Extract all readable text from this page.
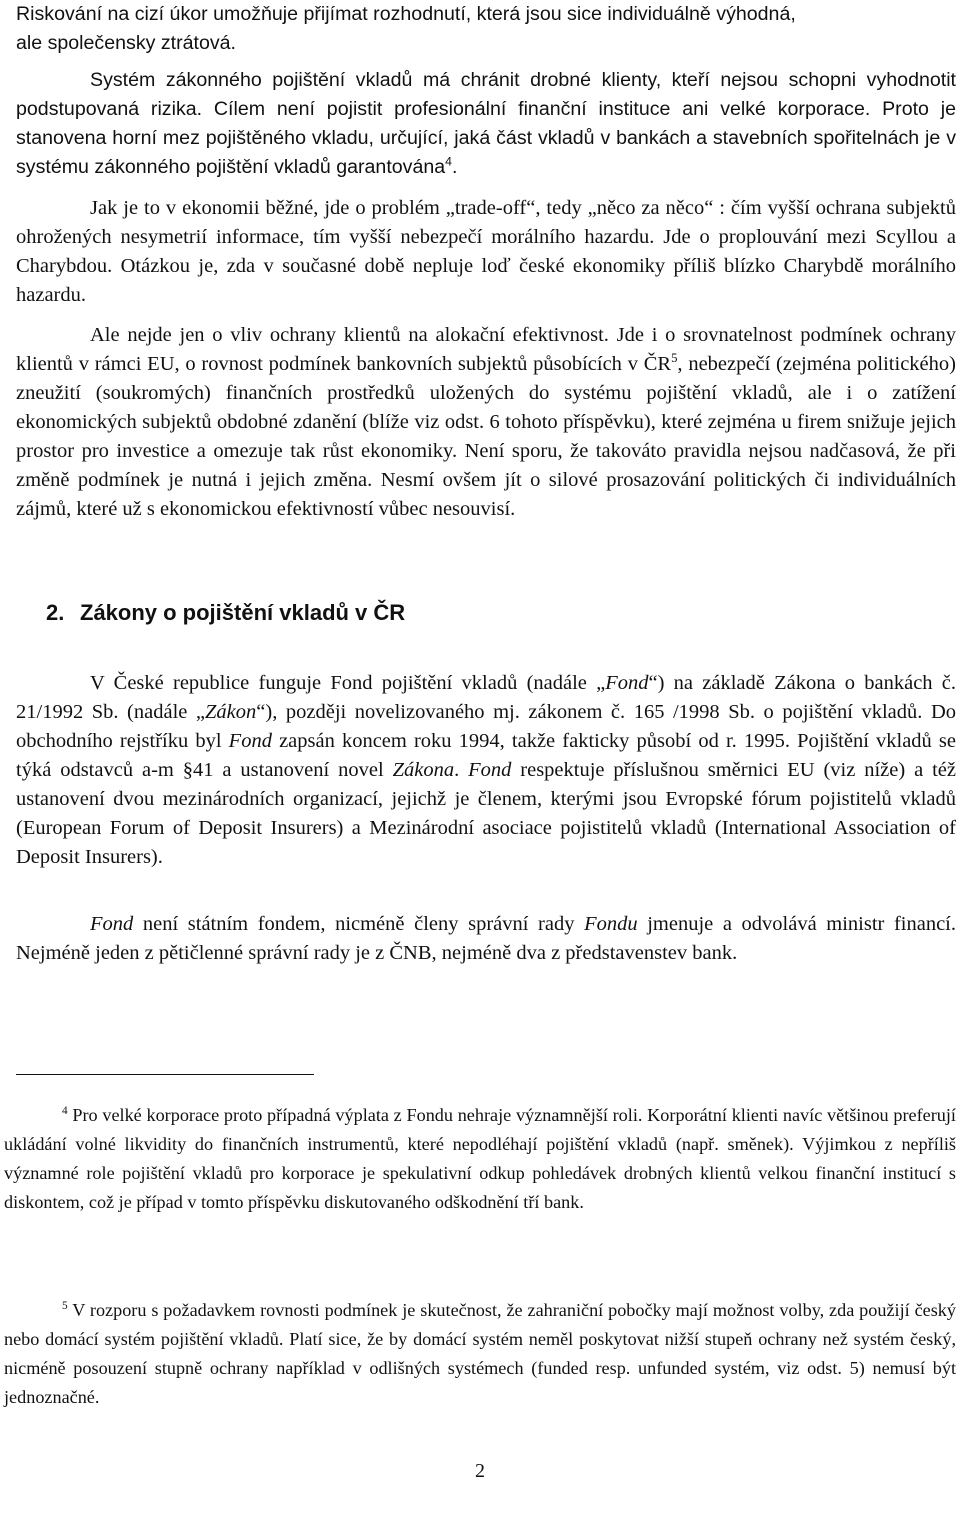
Riskování na cizí úkor umožňuje přijímat rozhodnutí, která jsou sice individuálně výhodná,

ale společensky ztrátová.

Systém zákonného pojištění vkladů má chránit drobné klienty, kteří nejsou schopni vyhodnotit podstupovaná rizika. Cílem není pojistit profesionální finanční instituce ani velké korporace. Proto je stanovena horní mez pojištěného vkladu, určující, jaká část vkladů v bankách a stavebních spořitelnách je v systému zákonného pojištění vkladů garantována$^4$.
Jak je to v ekonomii běžné, jde o problém „trade-off“, tedy „něco za něco“ : čím vyšší ochrana subjektů ohrožených nesymetrií informace, tím vyšší nebezpečí morálního hazardu. Jde o proplouvání mezi Scyllou a Charybdou. Otázkou je, zda v současné době nepluje loď české ekonomiky příliš blízko Charybdě morálního hazardu.
Ale nejde jen o vliv ochrany klientů na alokační efektivnost. Jde i o srovnatelnost podmínek ochrany klientů v rámci EU, o rovnost podmínek bankovních subjektů působících v $ČR^5$, nebezpečí (zejména politického) zneužití (soukromých) finančních prostředků uložených do systému pojištění vkladů, ale i o zatížení ekonomických subjektů obdobné zdanění (blíže viz odst. 6 tohoto příspěvku), které zejména u firem snižuje jejich prostor pro investice a omezuje tak růst ekonomiky. Není sporu, že takováto pravidla nejsou nadčasová, že při změně podmínek je nutná i jejich změna. Nesmí ovšem jít o silové prosazování politických či individuálních zájmů, které už s ekonomickou efektivností vůbec nesouvisí.
2. Zákony o pojištění vkladů v ČR
V České republice funguje Fond pojištění vkladů (nadále „Fond“) na základě Zákona o bankách č. 21/1992 Sb. (nadále „Zákon“), později novelizovaného mj. zákonem č. 165 /1998 Sb. o pojištění vkladů. Do obchodního rejstříku byl Fond zapsán koncem roku 1994, takže fakticky působí od r. 1995. Pojištění vkladů se týká odstavců a-m §41 a ustanovení novel Zákona. Fond respektuje příslušnou směrnici EU (viz níže) a též ustanovení dvou mezinárodních organizací, jejichž je členem, kterými jsou Evropské fórum pojistitelů vkladů (European Forum of Deposit Insurers) a Mezinárodní asociace pojistitelů vkladů (International Association of Deposit Insurers).
Fond není státním fondem, nicméně členy správní rady Fondu jmenuje a odvolává ministr financí. Nejméně jeden z pětičlenné správní rady je z ČNB, nejméně dva z představenstev bank.
$^4$ Pro velké korporace proto případná výplata z Fondu nehraje významnější roli. Korporátní klienti navíc většinou preferují ukládání volné likvidity do finančních instrumentů, které nepodléhají pojištění vkladů (např. směnek). Výjimkou z nepříliš významné role pojištění vkladů pro korporace je spekulativní odkup pohledávek drobných klientů velkou finanční institucí s diskontem, což je případ v tomto příspěvku diskutovaného odškodnění tří bank.
$^5$ V rozporu s požadavkem rovnosti podmínek je skutečnost, že zahraniční pobočky mají možnost volby, zda použijí český nebo domácí systém pojištění vkladů. Platí sice, že by domácí systém neměl poskytovat nižší stupeň ochrany než systém český, nicméně posouzení stupně ochrany například v odlišných systémech (funded resp. unfunded systém, viz odst. 5) nemusí být jednoznačné.
2
